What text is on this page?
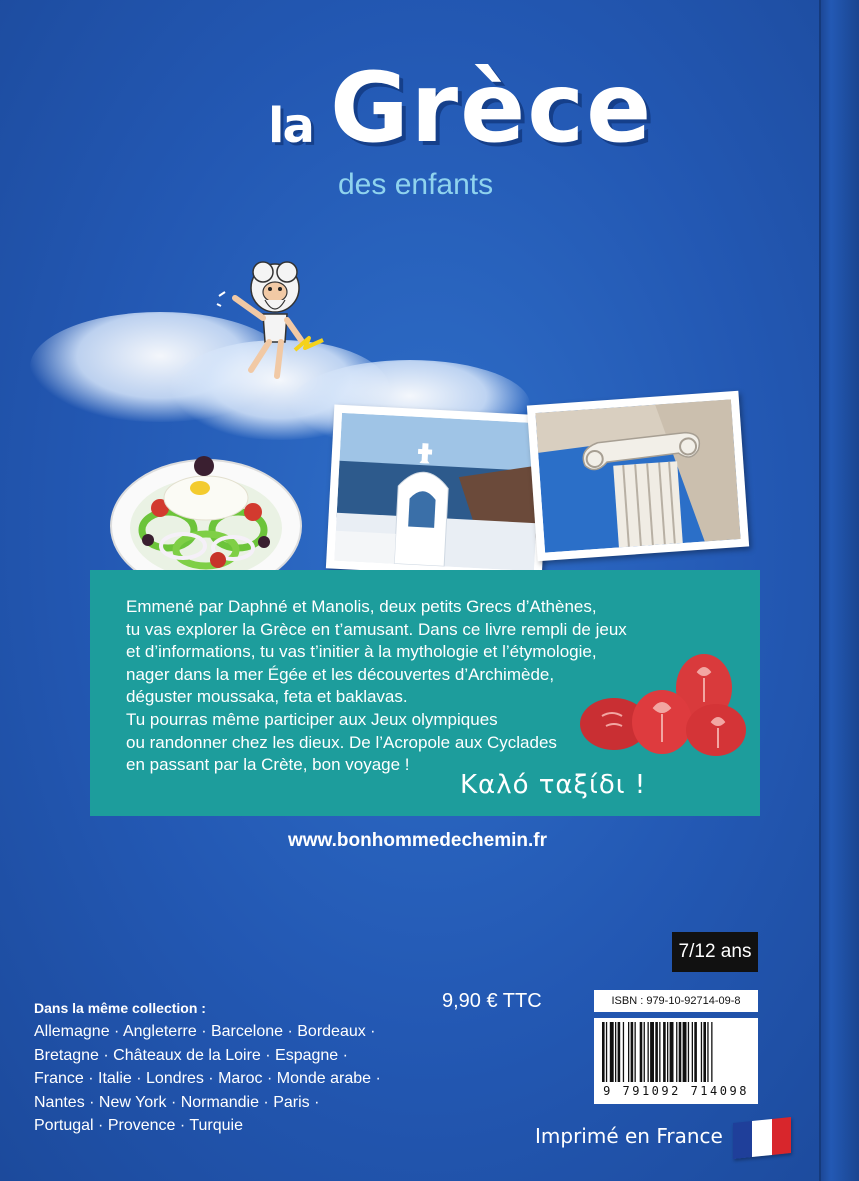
la Grèce
des enfants

Emmené par Daphné et Manolis, deux petits Grecs d’Athènes,
tu vas explorer la Grèce en t’amusant. Dans ce livre rempli de jeux
et d’informations, tu vas t’initier à la mythologie et l’étymologie,
nager dans la mer Égée et les découvertes d’Archimède,
déguster moussaka, feta et baklavas.
Tu pourras même participer aux Jeux olympiques
ou randonner chez les dieux. De l’Acropole aux Cyclades
en passant par la Crète, bon voyage !

Καλό ταξίδι !
www.bonhommedechemin.fr
7/12 ans
9,90 € TTC	ISBN : 979-10-92714-09-8
9 791092 714098
Dans la même collection :
Allemagne · Angleterre · Barcelone · Bordeaux ·
Bretagne · Châteaux de la Loire · Espagne ·
France · Italie · Londres · Maroc · Monde arabe ·
Nantes · New York · Normandie · Paris ·
Portugal · Provence · Turquie	Imprimé en France
